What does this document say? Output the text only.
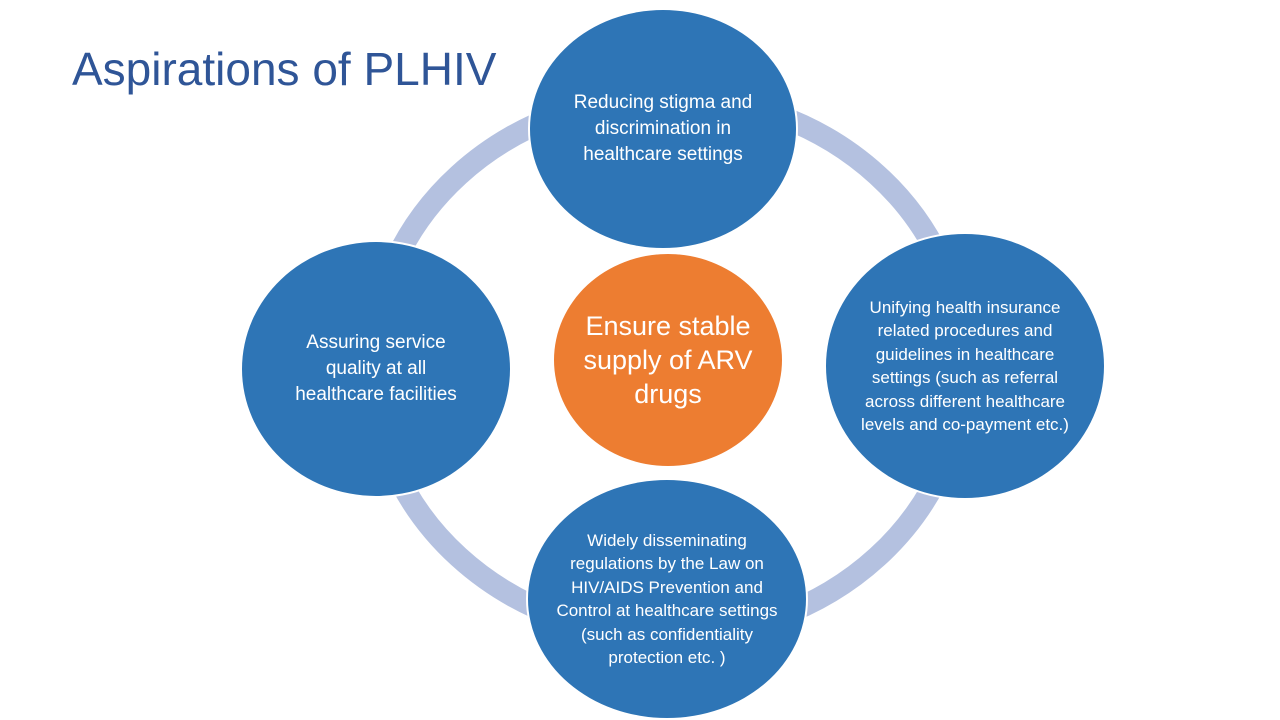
Aspirations of PLHIV
Reducing stigma and discrimination in healthcare settings
Unifying health insurance related procedures and guidelines in healthcare settings (such as referral across different healthcare levels and co-payment etc.)
Widely disseminating regulations by the Law on HIV/AIDS Prevention and Control at healthcare settings (such as confidentiality protection etc. )
Assuring service quality at all healthcare facilities
Ensure stable supply of ARV drugs
